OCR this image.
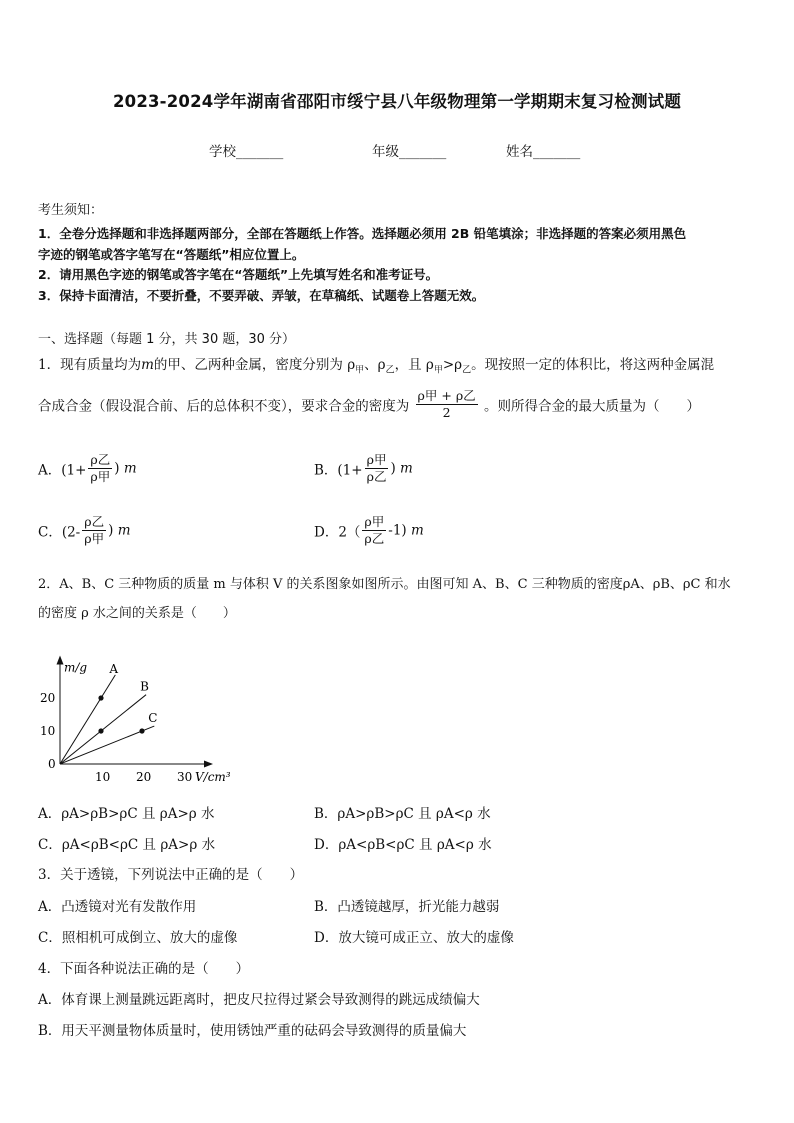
2023-2024学年湖南省邵阳市绥宁县八年级物理第一学期期末复习检测试题
学校_______	年级_______	姓名_______
考生须知：
1．全卷分选择题和非选择题两部分，全部在答题纸上作答。选择题必须用 2B 铅笔填涂；非选择题的答案必须用黑色
字迹的钢笔或答字笔写在“答题纸”相应位置上。
2．请用黑色字迹的钢笔或答字笔在“答题纸”上先填写姓名和准考证号。
3．保持卡面清洁，不要折叠，不要弄破、弄皱，在草稿纸、试题卷上答题无效。
一、选择题（每题 1 分，共 30 题，30 分）
1．现有质量均为m的甲、乙两种金属，密度分别为 $\rho_甲$、$\rho_乙$，且 $\rho_甲>\rho_乙$。现按照一定的体积比，将这两种金属混
合成合金（假设混合前、后的总体积不变），要求合金的密度为 $\frac{\text{ρ甲 + ρ乙}}{2}$ 。则所得合金的最大质量为（　　）
A．($1+ \frac{\text{ρ乙}}{\text{ρ甲}}$ ) m	B．($1+ \frac{\text{ρ甲}}{\text{ρ乙}}$ ) m
C．($2- \frac{\text{ρ乙}}{\text{ρ甲}}$ ) m	D．$2( \frac{\text{ρ甲}}{\text{ρ乙}} -1)$ m
2．A、B、C 三种物质的质量 m 与体积 V 的关系图象如图所示。由图可知 A、B、C 三种物质的密度ρA、ρB、ρC 和水
的密度 ρ 水之间的关系是（　　）
m/g
V/cm³
0
10 20 30
10
20
A
B
C
A．ρA>ρB>ρC 且 ρA>ρ 水	B．ρA>ρB>ρC 且 ρA<ρ 水
C．ρA<ρB<ρC 且 ρA>ρ 水	D．ρA<ρB<ρC 且 ρA<ρ 水
3．关于透镜，下列说法中正确的是（　　）
A．凸透镜对光有发散作用	B．凸透镜越厚，折光能力越弱
C．照相机可成倒立、放大的虚像	D．放大镜可成正立、放大的虚像
4．下面各种说法正确的是（　　）
A．体育课上测量跳远距离时，把皮尺拉得过紧会导致测得的跳远成绩偏大
B．用天平测量物体质量时，使用锈蚀严重的砝码会导致测得的质量偏大
